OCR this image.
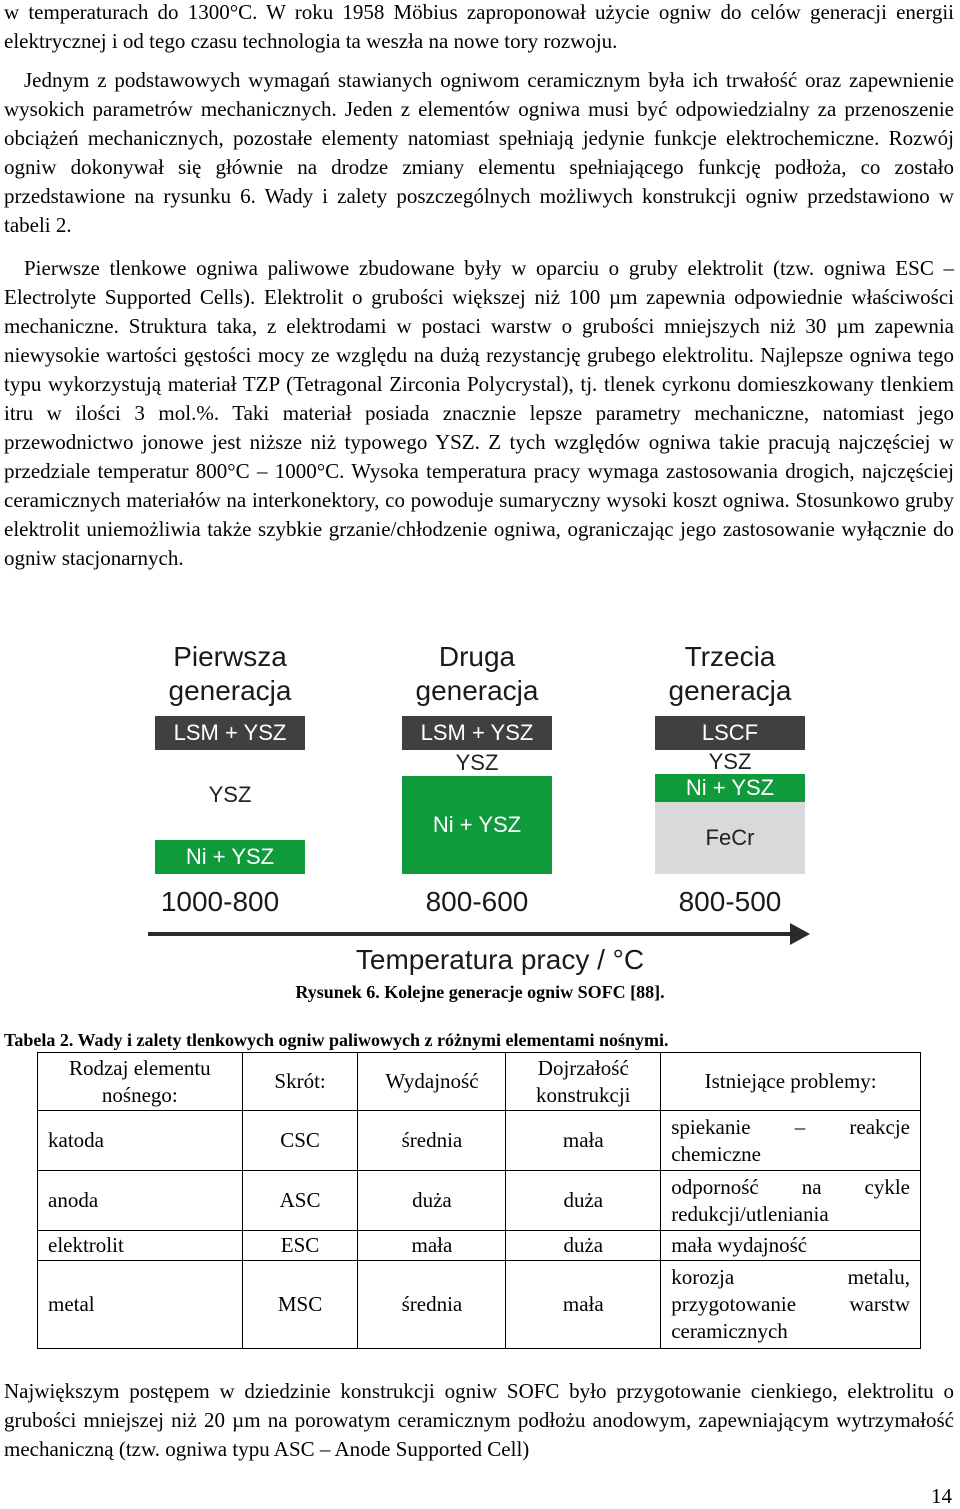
w temperaturach do 1300°C. W roku 1958 Möbius zaproponował użycie ogniw do celów generacji energii elektrycznej i od tego czasu technologia ta weszła na nowe tory rozwoju.

Jednym z podstawowych wymagań stawianych ogniwom ceramicznym była ich trwałość oraz zapewnienie wysokich parametrów mechanicznych. Jeden z elementów ogniwa musi być odpowiedzialny za przenoszenie obciążeń mechanicznych, pozostałe elementy natomiast spełniają jedynie funkcje elektrochemiczne. Rozwój ogniw dokonywał się głównie na drodze zmiany elementu spełniającego funkcję podłoża, co zostało przedstawione na rysunku 6. Wady i zalety poszczególnych możliwych konstrukcji ogniw przedstawiono w tabeli 2.

Pierwsze tlenkowe ogniwa paliwowe zbudowane były w oparciu o gruby elektrolit (tzw. ogniwa ESC – Electrolyte Supported Cells). Elektrolit o grubości większej niż 100 µm zapewnia odpowiednie właściwości mechaniczne. Struktura taka, z elektrodami w postaci warstw o grubości mniejszych niż 30 µm zapewnia niewysokie wartości gęstości mocy ze względu na dużą rezystancję grubego elektrolitu. Najlepsze ogniwa tego typu wykorzystują materiał TZP (Tetragonal Zirconia Polycrystal), tj. tlenek cyrkonu domieszkowany tlenkiem itru w ilości 3 mol.%. Taki materiał posiada znacznie lepsze parametry mechaniczne, natomiast jego przewodnictwo jonowe jest niższe niż typowego YSZ. Z tych względów ogniwa takie pracują najczęściej w przedziale temperatur 800°C – 1000°C. Wysoka temperatura pracy wymaga zastosowania drogich, najczęściej ceramicznych materiałów na interkonektory, co powoduje sumaryczny wysoki koszt ogniwa. Stosunkowo gruby elektrolit uniemożliwia także szybkie grzanie/chłodzenie ogniwa, ograniczając jego zastosowanie wyłącznie do ogniw stacjonarnych.

Pierwsza
generacja
LSM + YSZ
YSZ
Ni + YSZ
1000-800
Druga
generacja
LSM + YSZ
YSZ
Ni + YSZ
800-600
Trzecia
generacja
LSCF
YSZ
Ni + YSZ
FeCr
800-500
Temperatura pracy / °C
Rysunek 6. Kolejne generacje ogniw SOFC [88].
Tabela 2. Wady i zalety tlenkowych ogniw paliwowych z różnymi elementami nośnymi.
Rodzaj elementu nośnego:	Skrót:	Wydajność	Dojrzałość konstrukcji	Istniejące problemy:
katoda	CSC	średnia	mała	spiekanie – reakcje chemiczne
anoda	ASC	duża	duża	odporność na cykle redukcji/utleniania
elektrolit	ESC	mała	duża	mała wydajność
metal	MSC	średnia	mała	korozja metalu, przygotowanie warstw ceramicznych

Największym postępem w dziedzinie konstrukcji ogniw SOFC było przygotowanie cienkiego, elektrolitu o grubości mniejszej niż 20 µm na porowatym ceramicznym podłożu anodowym, zapewniającym wytrzymałość mechaniczną (tzw. ogniwa typu ASC – Anode Supported Cell)

14
